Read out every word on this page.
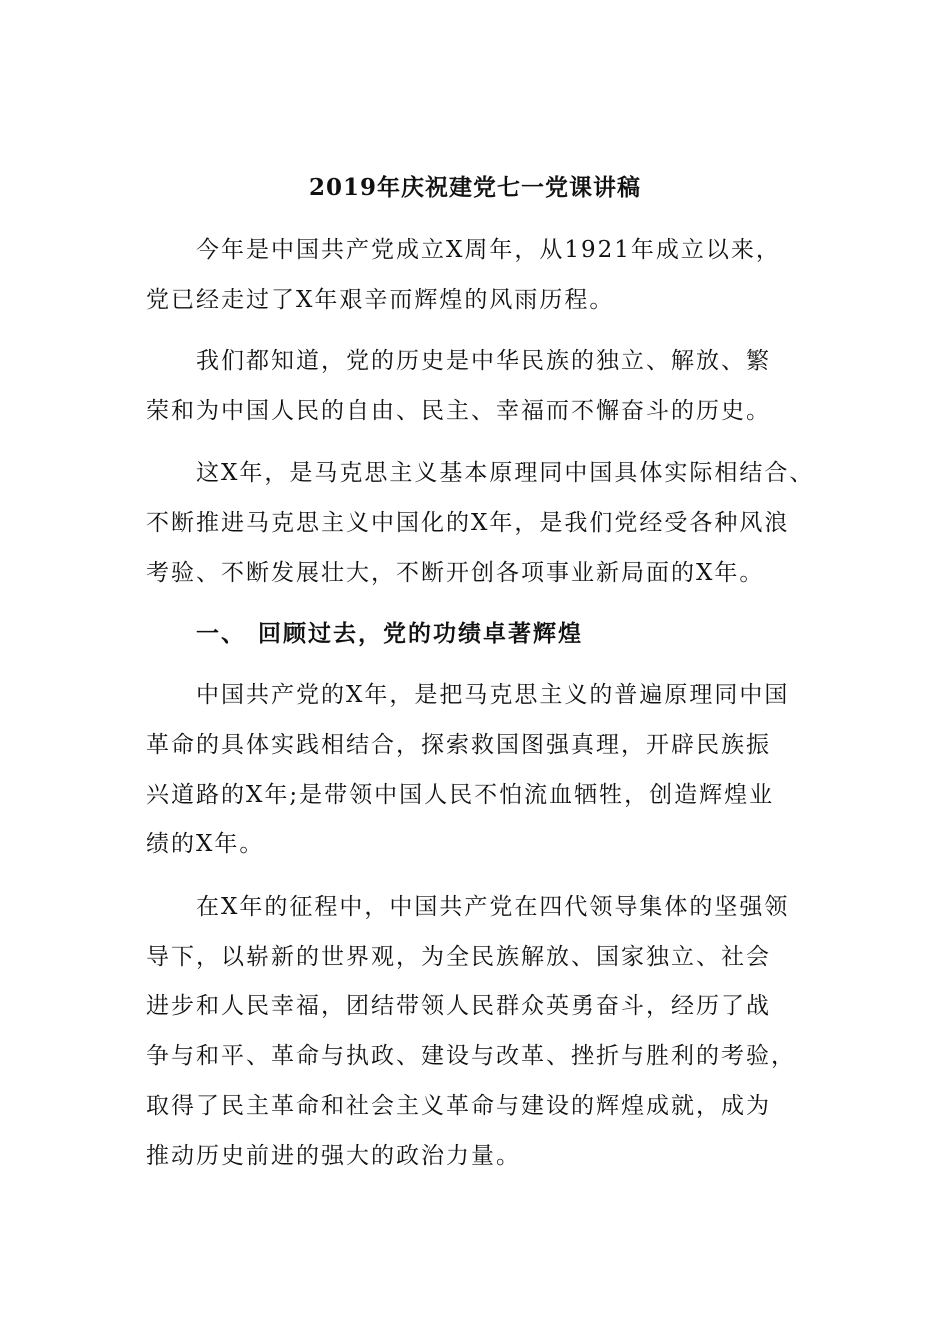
2019年庆祝建党七一党课讲稿
今年是中国共产党成立X周年，从1921年成立以来，
党已经走过了X年艰辛而辉煌的风雨历程。
我们都知道，党的历史是中华民族的独立、解放、繁
荣和为中国人民的自由、民主、幸福而不懈奋斗的历史。
这X年，是马克思主义基本原理同中国具体实际相结合、
不断推进马克思主义中国化的X年，是我们党经受各种风浪
考验、不断发展壮大，不断开创各项事业新局面的X年。
一、 回顾过去，党的功绩卓著辉煌
中国共产党的X年，是把马克思主义的普遍原理同中国
革命的具体实践相结合，探索救国图强真理，开辟民族振
兴道路的X年;是带领中国人民不怕流血牺牲，创造辉煌业
绩的X年。
在X年的征程中，中国共产党在四代领导集体的坚强领
导下，以崭新的世界观，为全民族解放、国家独立、社会
进步和人民幸福，团结带领人民群众英勇奋斗，经历了战
争与和平、革命与执政、建设与改革、挫折与胜利的考验，
取得了民主革命和社会主义革命与建设的辉煌成就，成为
推动历史前进的强大的政治力量。
